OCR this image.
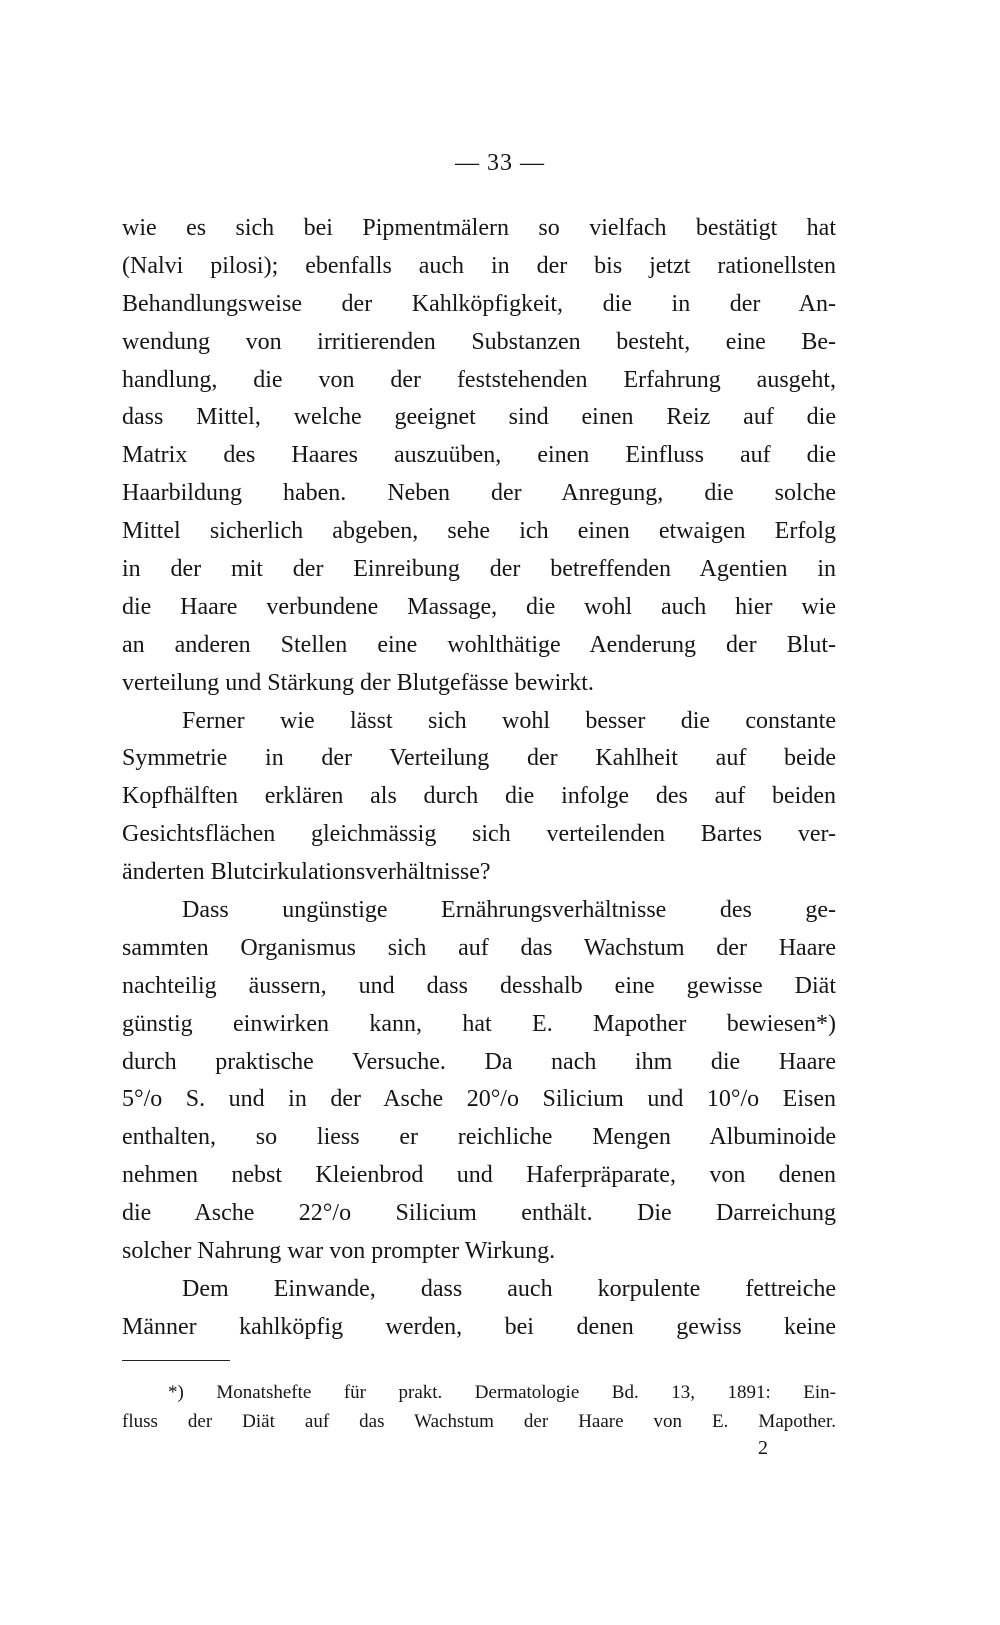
— 33 —
wie es sich bei Pipmentmälern so vielfach bestätigt hat
(Nalvi pilosi); ebenfalls auch in der bis jetzt rationellsten
Behandlungsweise der Kahlköpfigkeit, die in der An-
wendung von irritierenden Substanzen besteht, eine Be-
handlung, die von der feststehenden Erfahrung ausgeht,
dass Mittel, welche geeignet sind einen Reiz auf die
Matrix des Haares auszuüben, einen Einfluss auf die
Haarbildung haben. Neben der Anregung, die solche
Mittel sicherlich abgeben, sehe ich einen etwaigen Erfolg
in der mit der Einreibung der betreffenden Agentien in
die Haare verbundene Massage, die wohl auch hier wie
an anderen Stellen eine wohlthätige Aenderung der Blut-
verteilung und Stärkung der Blutgefässe bewirkt.
Ferner wie lässt sich wohl besser die constante
Symmetrie in der Verteilung der Kahlheit auf beide
Kopfhälften erklären als durch die infolge des auf beiden
Gesichtsflächen gleichmässig sich verteilenden Bartes ver-
änderten Blutcirkulationsverhältnisse?
Dass ungünstige Ernährungsverhältnisse des ge-
sammten Organismus sich auf das Wachstum der Haare
nachteilig äussern, und dass desshalb eine gewisse Diät
günstig einwirken kann, hat E. Mapother bewiesen*)
durch praktische Versuche. Da nach ihm die Haare
5°/o S. und in der Asche 20°/o Silicium und 10°/o Eisen
enthalten, so liess er reichliche Mengen Albuminoide
nehmen nebst Kleienbrod und Haferpräparate, von denen
die Asche 22°/o Silicium enthält. Die Darreichung
solcher Nahrung war von prompter Wirkung.
Dem Einwande, dass auch korpulente fettreiche
Männer kahlköpfig werden, bei denen gewiss keine
*) Monatshefte für prakt. Dermatologie Bd. 13, 1891: Ein-
fluss der Diät auf das Wachstum der Haare von E. Mapother.
2
